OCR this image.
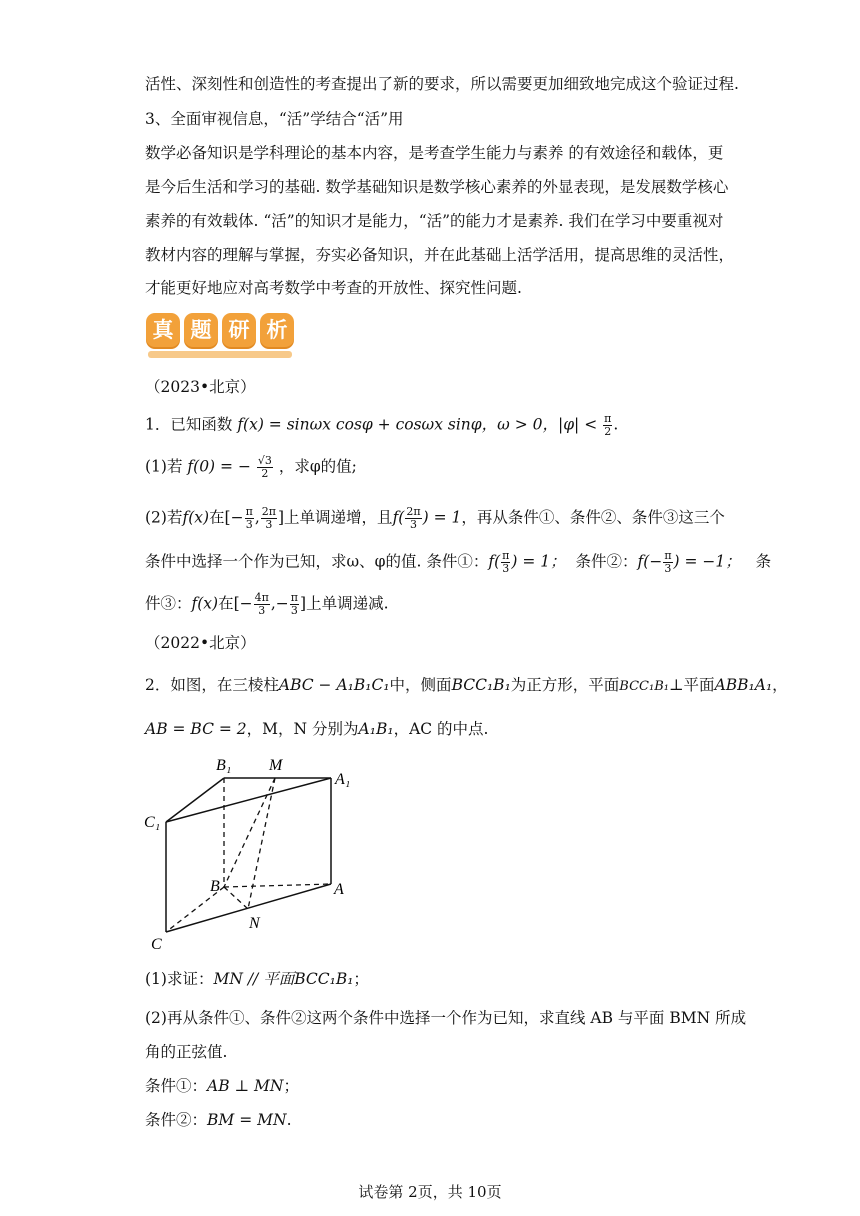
活性、深刻性和创造性的考查提出了新的要求，所以需要更加细致地完成这个验证过程.
3、全面审视信息，“活”学结合“活”用
数学必备知识是学科理论的基本内容，是考查学生能力与素养 的有效途径和载体，更
是今后生活和学习的基础. 数学基础知识是数学核心素养的外显表现，是发展数学核心
素养的有效载体. “活”的知识才是能力，“活”的能力才是素养. 我们在学习中要重视对
教材内容的理解与掌握，夯实必备知识，并在此基础上活学活用，提高思维的灵活性，
才能更好地应对高考数学中考查的开放性、探究性问题.
真 题 研 析
（2023•北京）
1．已知函数 f(x) = sinωx cosφ + cosωx sinφ，ω > 0，$|\varphi| < \frac{\pi}{2}$ .
(1)若 f(0) = − $\frac{√3}{2}$ ，求φ的值;
(2)若f(x)在[− $\frac{\pi}{3}$ , $\frac{2\pi}{3}$ ]上单调递增，且$f( \frac{2\pi}{3}$ ) = 1，再从条件①、条件②、条件③这三个
条件中选择一个作为已知，求ω、φ的值. 条件①：$f( \frac{\pi}{3}$ ) = 1； 条件②：$f(- \frac{\pi}{3}$ ) = −1； 条
件③：f(x)在[− $\frac{4\pi}{3}$ ,− $\frac{\pi}{3}$ ]上单调递减.
（2022•北京）
2．如图，在三棱柱ABC − A₁B₁C₁中，侧面BCC₁B₁为正方形，平面BCC₁B₁⊥平面ABB₁A₁，
AB = BC = 2，M，N 分别为A₁B₁，AC 的中点.
B₁ M
A₁
C₁
B	A
N
C
(1)求证：MN // 平面BCC₁B₁；
(2)再从条件①、条件②这两个条件中选择一个作为已知，求直线 AB 与平面 BMN 所成
角的正弦值.
条件①：AB ⊥ MN；
条件②：BM = MN.
试卷第 2页，共 10页
